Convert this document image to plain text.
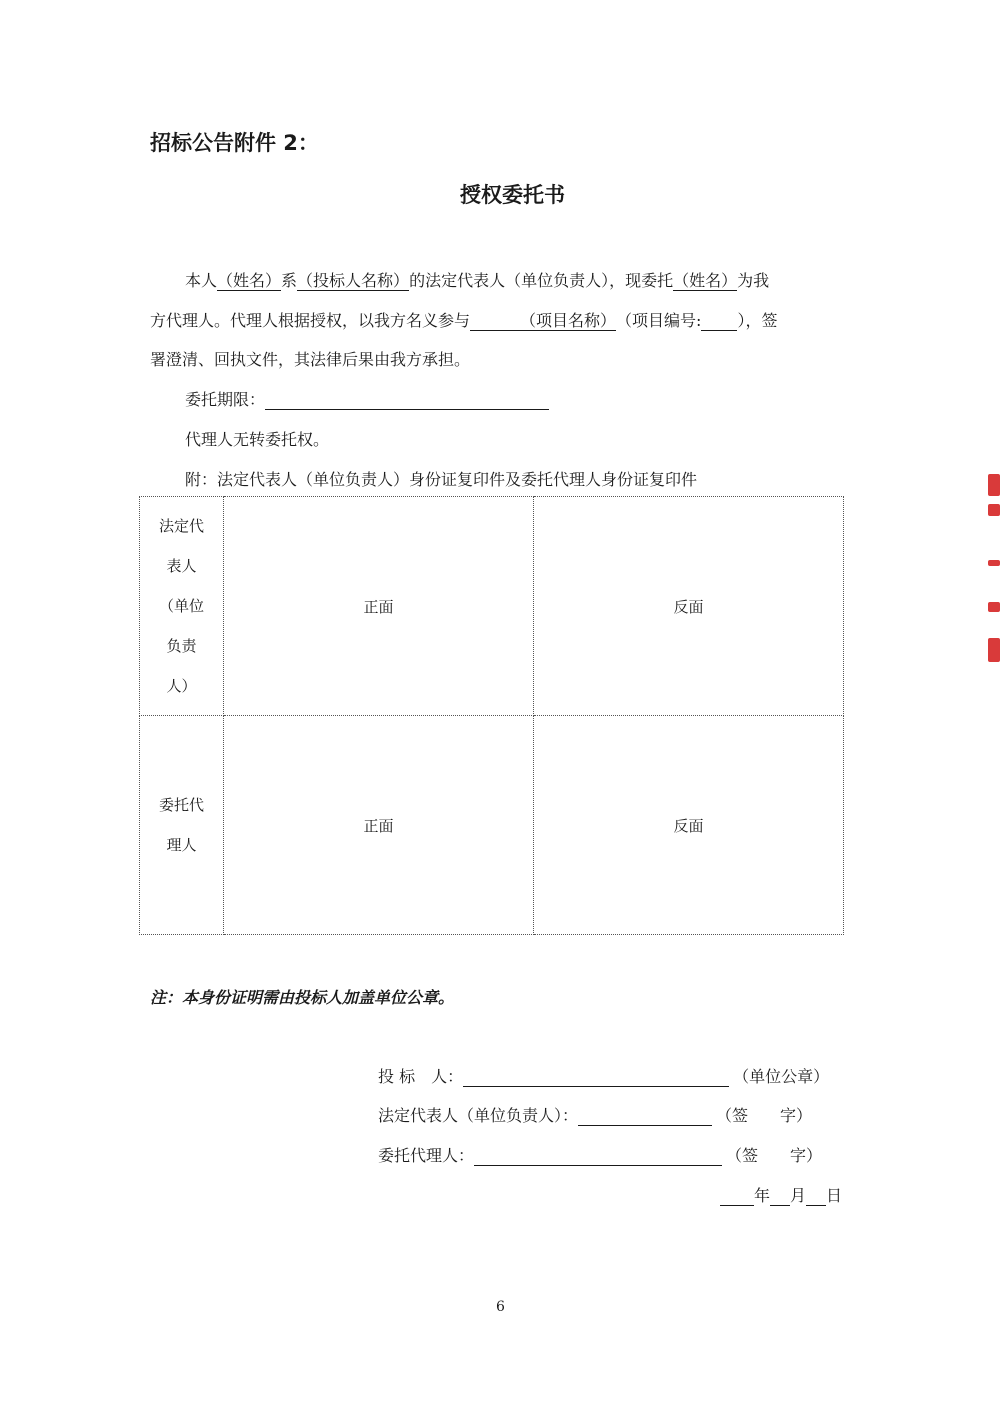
招标公告附件 2：
授权委托书
本人（姓名）系（投标人名称）的法定代表人（单位负责人），现委托（姓名）为我
方代理人。代理人根据授权，以我方名义参与	（项目名称）（项目编号: ），签
署澄清、回执文件，其法律后果由我方承担。
委托期限：
代理人无转委托权。
附：法定代表人（单位负责人）身份证复印件及委托代理人身份证复印件
法定代
表人
（单位
负责
人）	正面	反面

委托代
理人	正面	反面
注：本身份证明需由投标人加盖单位公章。
投 标　人：	（单位公章）
法定代表人（单位负责人）：	（签　　字）
委托代理人：	（签　　字）
年 月 日
6
